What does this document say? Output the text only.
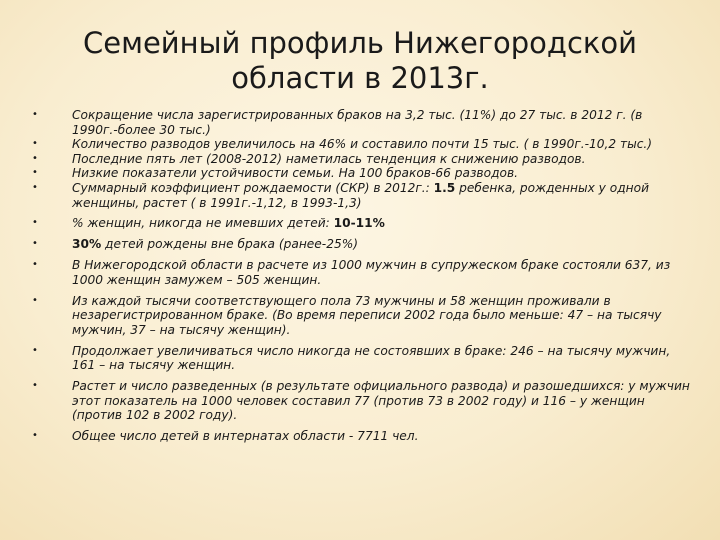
Семейный профиль Нижегородской
области в 2013г.
•	Сокращение числа зарегистрированных браков на 3,2 тыс. (11%) до 27 тыс. в 2012 г. (в 1990г.-более 30 тыс.)
•	Количество разводов увеличилось на 46% и составило почти 15 тыс. ( в 1990г.-10,2 тыс.)
•	Последние пять лет (2008-2012) наметилась тенденция к снижению разводов.
•	Низкие показатели устойчивости семьи. На 100 браков-66 разводов.
•	Суммарный коэффициент рождаемости (СКР) в 2012г.: 1.5 ребенка, рожденных у одной женщины, растет ( в 1991г.-1,12, в 1993-1,3)
•	% женщин, никогда не имевших детей: 10-11%
•	30% детей рождены вне брака (ранее-25%)
•	В Нижегородской области в расчете из 1000 мужчин в супружеском браке состояли 637, из 1000 женщин замужем – 505 женщин.
•	Из каждой тысячи соответствующего пола 73 мужчины и 58 женщин проживали в незарегистрированном браке. (Во время переписи 2002 года было меньше: 47 – на тысячу мужчин, 37 – на тысячу женщин).
•	Продолжает увеличиваться число никогда не состоявших в браке: 246 – на тысячу мужчин, 161 – на тысячу женщин.
•	Растет и число разведенных (в результате официального развода) и разошедшихся: у мужчин этот показатель на 1000 человек составил 77 (против 73 в 2002 году) и 116 – у женщин (против 102 в 2002 году).
•	Общее число детей в интернатах области - 7711 чел.
